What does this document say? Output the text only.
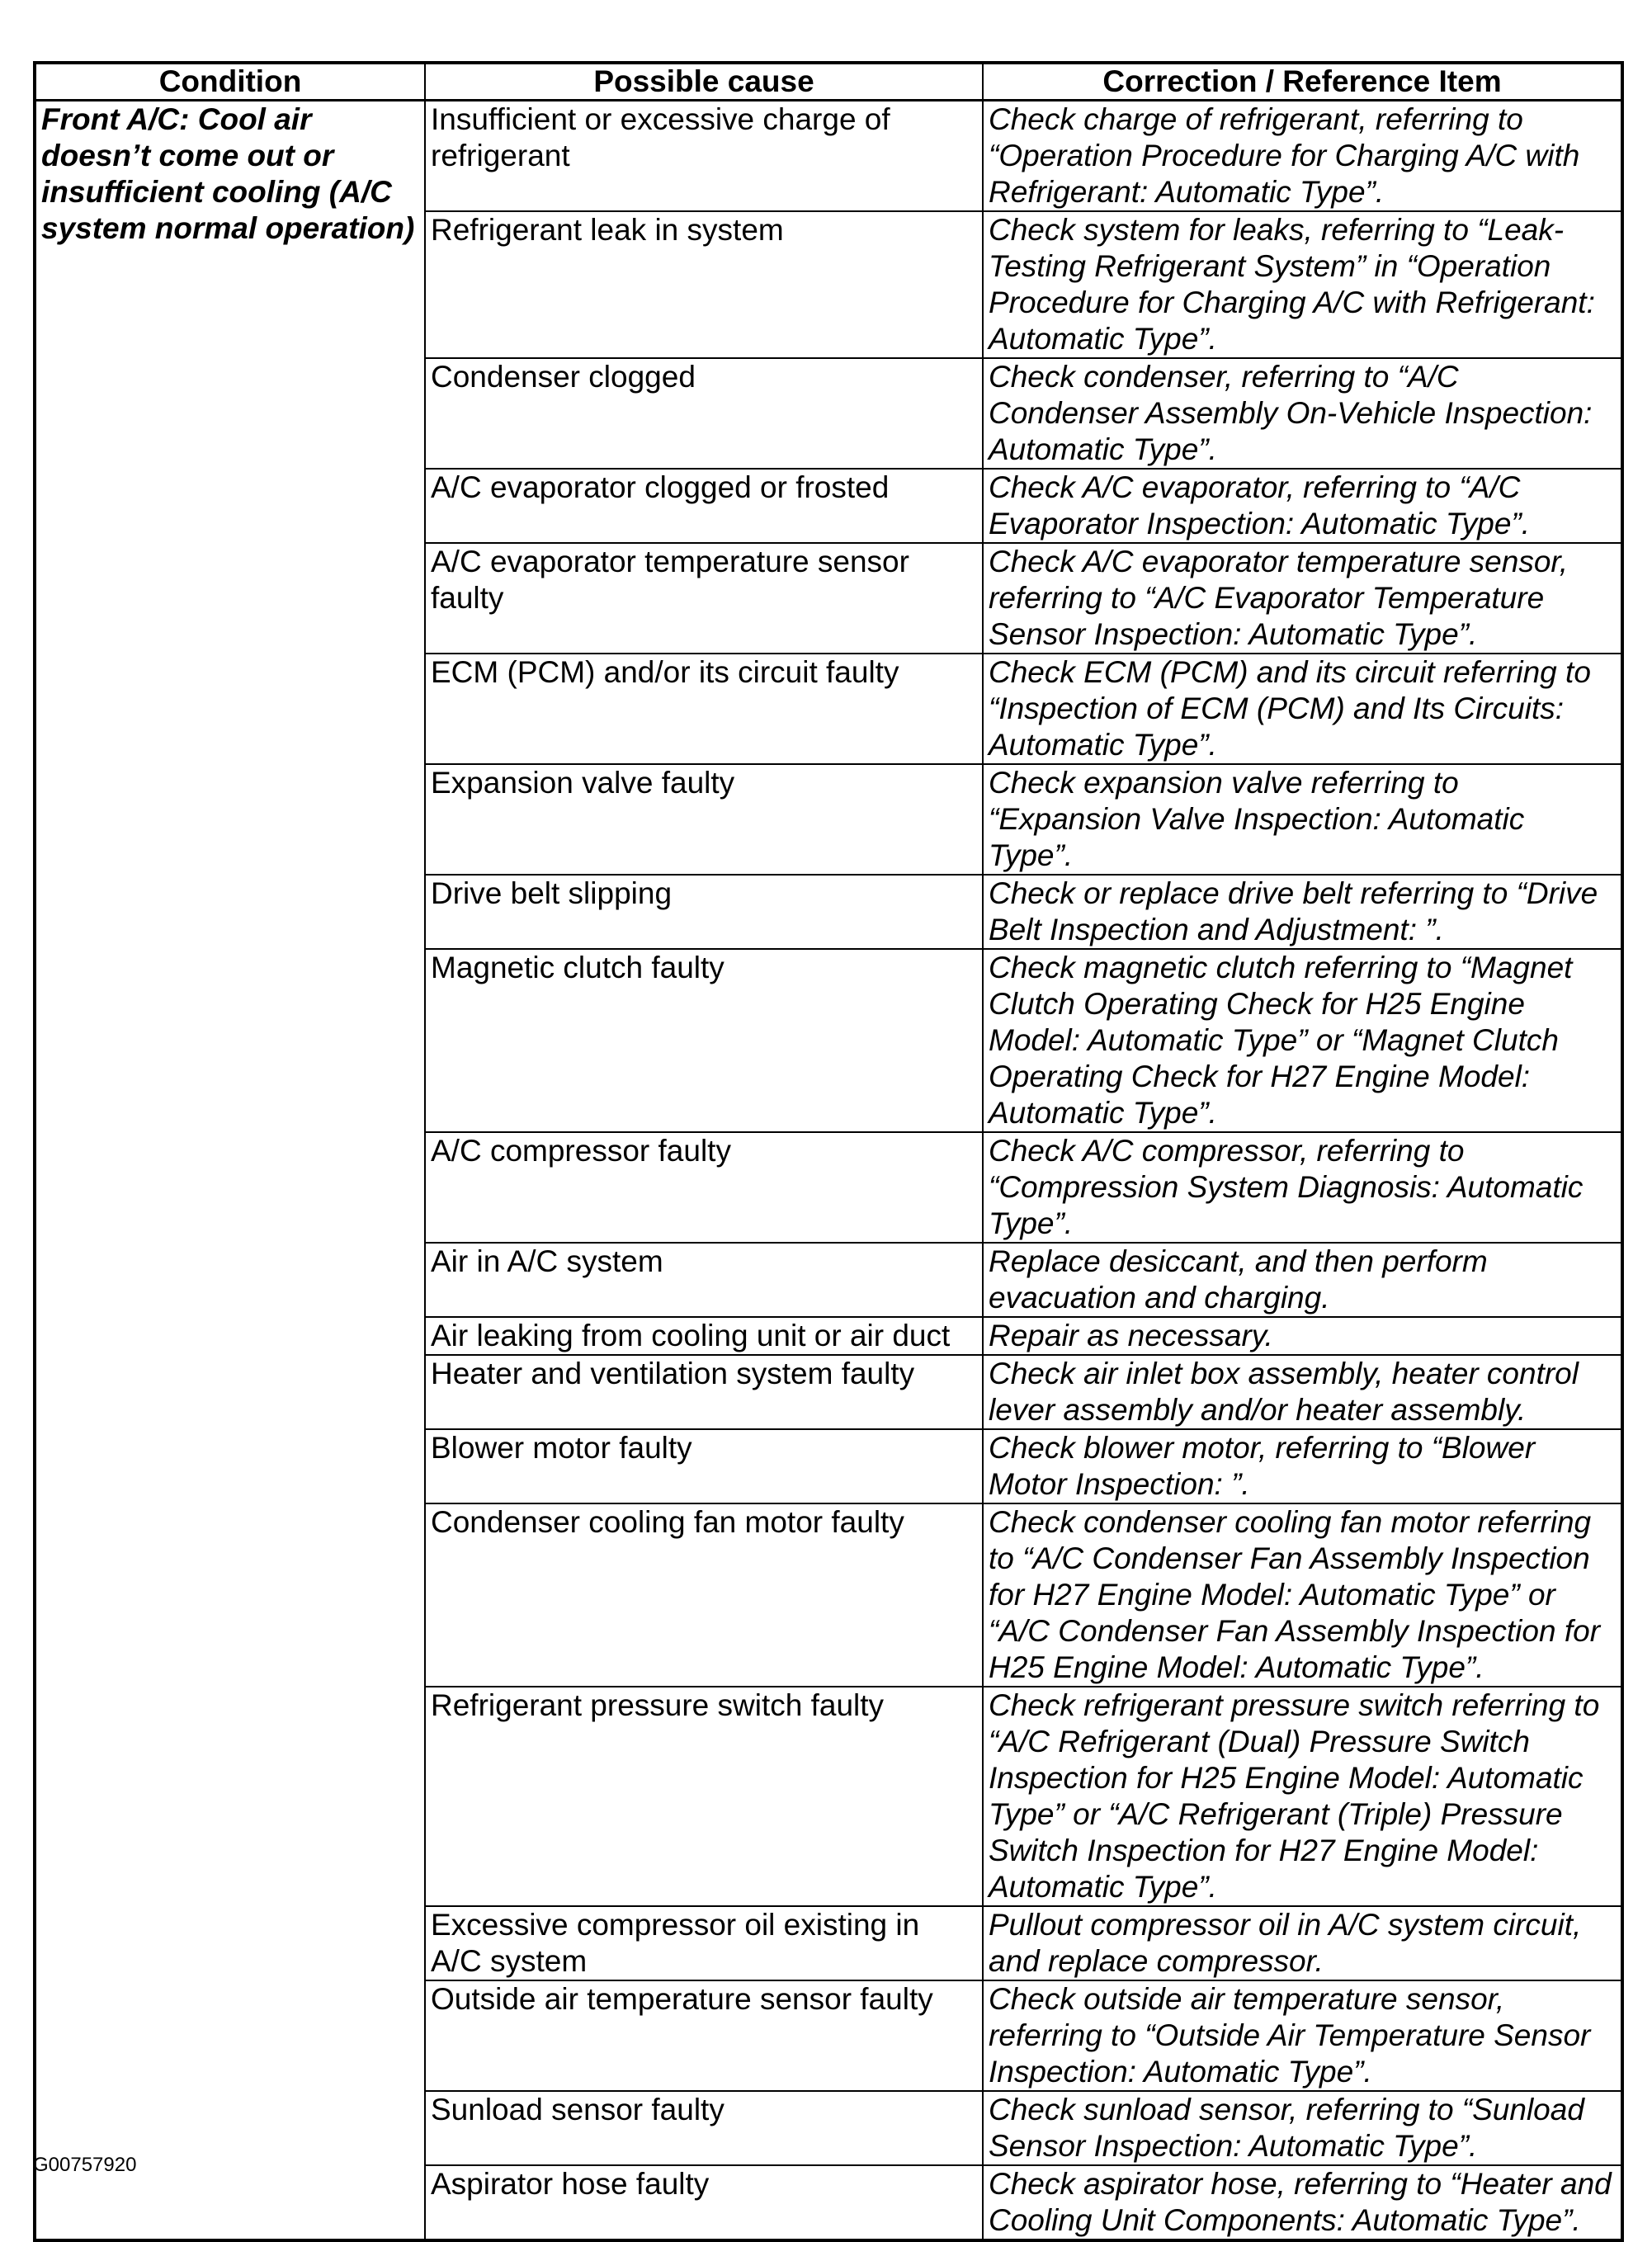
Condition	Possible cause	Correction / Reference Item
Front A/C: Cool air doesn’t come out or insufficient cooling (A/C system normal operation)	Insufficient or excessive charge of refrigerant	Check charge of refrigerant, referring to “Operation Procedure for Charging A/C with Refrigerant: Automatic Type”.
	Refrigerant leak in system	Check system for leaks, referring to “Leak-Testing Refrigerant System” in “Operation Procedure for Charging A/C with Refrigerant: Automatic Type”.
	Condenser clogged	Check condenser, referring to “A/C Condenser Assembly On-Vehicle Inspection: Automatic Type”.
	A/C evaporator clogged or frosted	Check A/C evaporator, referring to “A/C Evaporator Inspection: Automatic Type”.
	A/C evaporator temperature sensor faulty	Check A/C evaporator temperature sensor, referring to “A/C Evaporator Temperature Sensor Inspection: Automatic Type”.
	ECM (PCM) and/or its circuit faulty	Check ECM (PCM) and its circuit referring to “Inspection of ECM (PCM) and Its Circuits: Automatic Type”.
	Expansion valve faulty	Check expansion valve referring to “Expansion Valve Inspection: Automatic Type”.
	Drive belt slipping	Check or replace drive belt referring to “Drive Belt Inspection and Adjustment: ”.
	Magnetic clutch faulty	Check magnetic clutch referring to “Magnet Clutch Operating Check for H25 Engine Model: Automatic Type” or “Magnet Clutch Operating Check for H27 Engine Model: Automatic Type”.
	A/C compressor faulty	Check A/C compressor, referring to “Compression System Diagnosis: Automatic Type”.
	Air in A/C system	Replace desiccant, and then perform evacuation and charging.
	Air leaking from cooling unit or air duct	Repair as necessary.
	Heater and ventilation system faulty	Check air inlet box assembly, heater control lever assembly and/or heater assembly.
	Blower motor faulty	Check blower motor, referring to “Blower Motor Inspection: ”.
	Condenser cooling fan motor faulty	Check condenser cooling fan motor referring to “A/C Condenser Fan Assembly Inspection for H27 Engine Model: Automatic Type” or “A/C Condenser Fan Assembly Inspection for H25 Engine Model: Automatic Type”.
	Refrigerant pressure switch faulty	Check refrigerant pressure switch referring to “A/C Refrigerant (Dual) Pressure Switch Inspection for H25 Engine Model: Automatic Type” or “A/C Refrigerant (Triple) Pressure Switch Inspection for H27 Engine Model: Automatic Type”.
	Excessive compressor oil existing in A/C system	Pullout compressor oil in A/C system circuit, and replace compressor.
	Outside air temperature sensor faulty	Check outside air temperature sensor, referring to “Outside Air Temperature Sensor Inspection: Automatic Type”.
	Sunload sensor faulty	Check sunload sensor, referring to “Sunload Sensor Inspection: Automatic Type”.
	Aspirator hose faulty	Check aspirator hose, referring to “Heater and Cooling Unit Components: Automatic Type”.
G00757920
